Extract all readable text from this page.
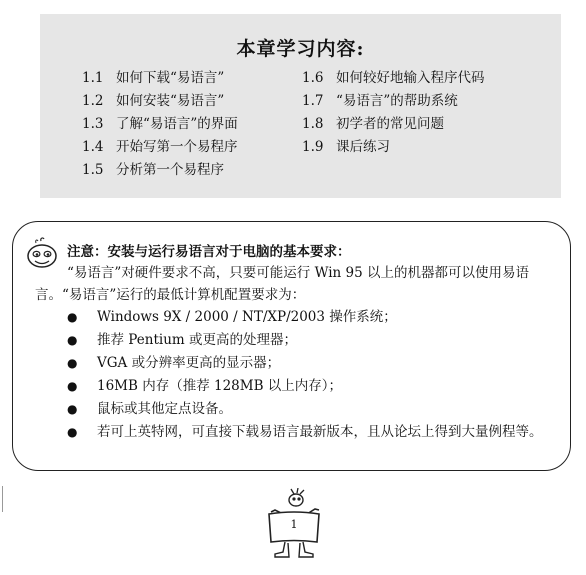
本章学习内容:
1.1 如何下载“易语言”
1.2 如何安装“易语言”
1.3 了解“易语言”的界面
1.4 开始写第一个易程序
1.5 分析第一个易程序
1.6 如何较好地输入程序代码
1.7 “易语言”的帮助系统
1.8 初学者的常见问题
1.9 课后练习
注意：安装与运行易语言对于电脑的基本要求：

“易语言”对硬件要求不高，只要可能运行 Win 95 以上的机器都可以使用易语言。“易语言”运行的最低计算机配置要求为：

● Windows 9X / 2000 / NT/XP/2003 操作系统；
● 推荐 Pentium 或更高的处理器；
● VGA 或分辨率更高的显示器；
● 16MB 内存（推荐 128MB 以上内存）；
● 鼠标或其他定点设备。
● 若可上英特网，可直接下载易语言最新版本，且从论坛上得到大量例程等。
1
